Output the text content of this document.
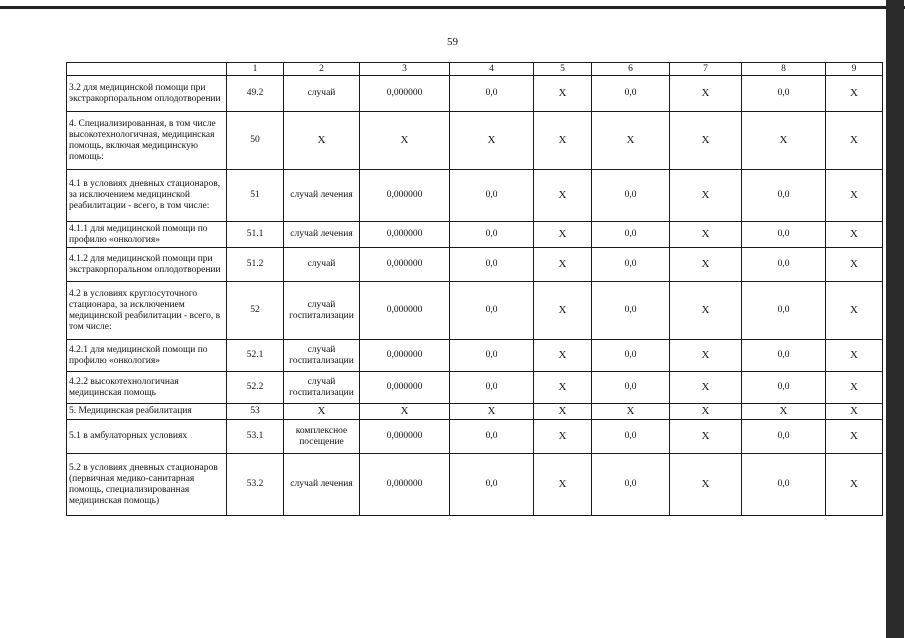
59
	1	2	3	4	5	6	7	8	9
3.2 для медицинской помощи при экстракорпоральном оплодотворении	49.2	случай	0,000000	0,0	Х	0,0	Х	0,0	Х
4. Специализированная, в том числе высокотехнологичная, медицинская помощь, включая медицинскую помощь:	50	Х	Х	Х	Х	Х	Х	Х	Х
4.1 в условиях дневных стационаров, за исключением медицинской реабилитации - всего, в том числе:	51	случай лечения	0,000000	0,0	Х	0,0	Х	0,0	Х
4.1.1 для медицинской помощи по профилю «онкология»	51.1	случай лечения	0,000000	0,0	Х	0,0	Х	0,0	Х
4.1.2 для медицинской помощи при экстракорпоральном оплодотворении	51.2	случай	0,000000	0,0	Х	0,0	Х	0,0	Х
4.2 в условиях круглосуточного стационара, за исключением медицинской реабилитации - всего, в том числе:	52	случай госпитализации	0,000000	0,0	Х	0,0	Х	0,0	Х
4.2.1 для медицинской помощи по профилю «онкология»	52.1	случай госпитализации	0,000000	0,0	Х	0,0	Х	0,0	Х
4.2.2 высокотехнологичная медицинская помощь	52.2	случай госпитализации	0,000000	0,0	Х	0,0	Х	0,0	Х
5. Медицинская реабилитация	53	Х	Х	Х	Х	Х	Х	Х	Х
5.1 в амбулаторных условиях	53.1	комплексное посещение	0,000000	0,0	Х	0,0	Х	0,0	Х
5.2 в условиях дневных стационаров (первичная медико-санитарная помощь, специализированная медицинская помощь)	53.2	случай лечения	0,000000	0,0	Х	0,0	Х	0,0	Х
